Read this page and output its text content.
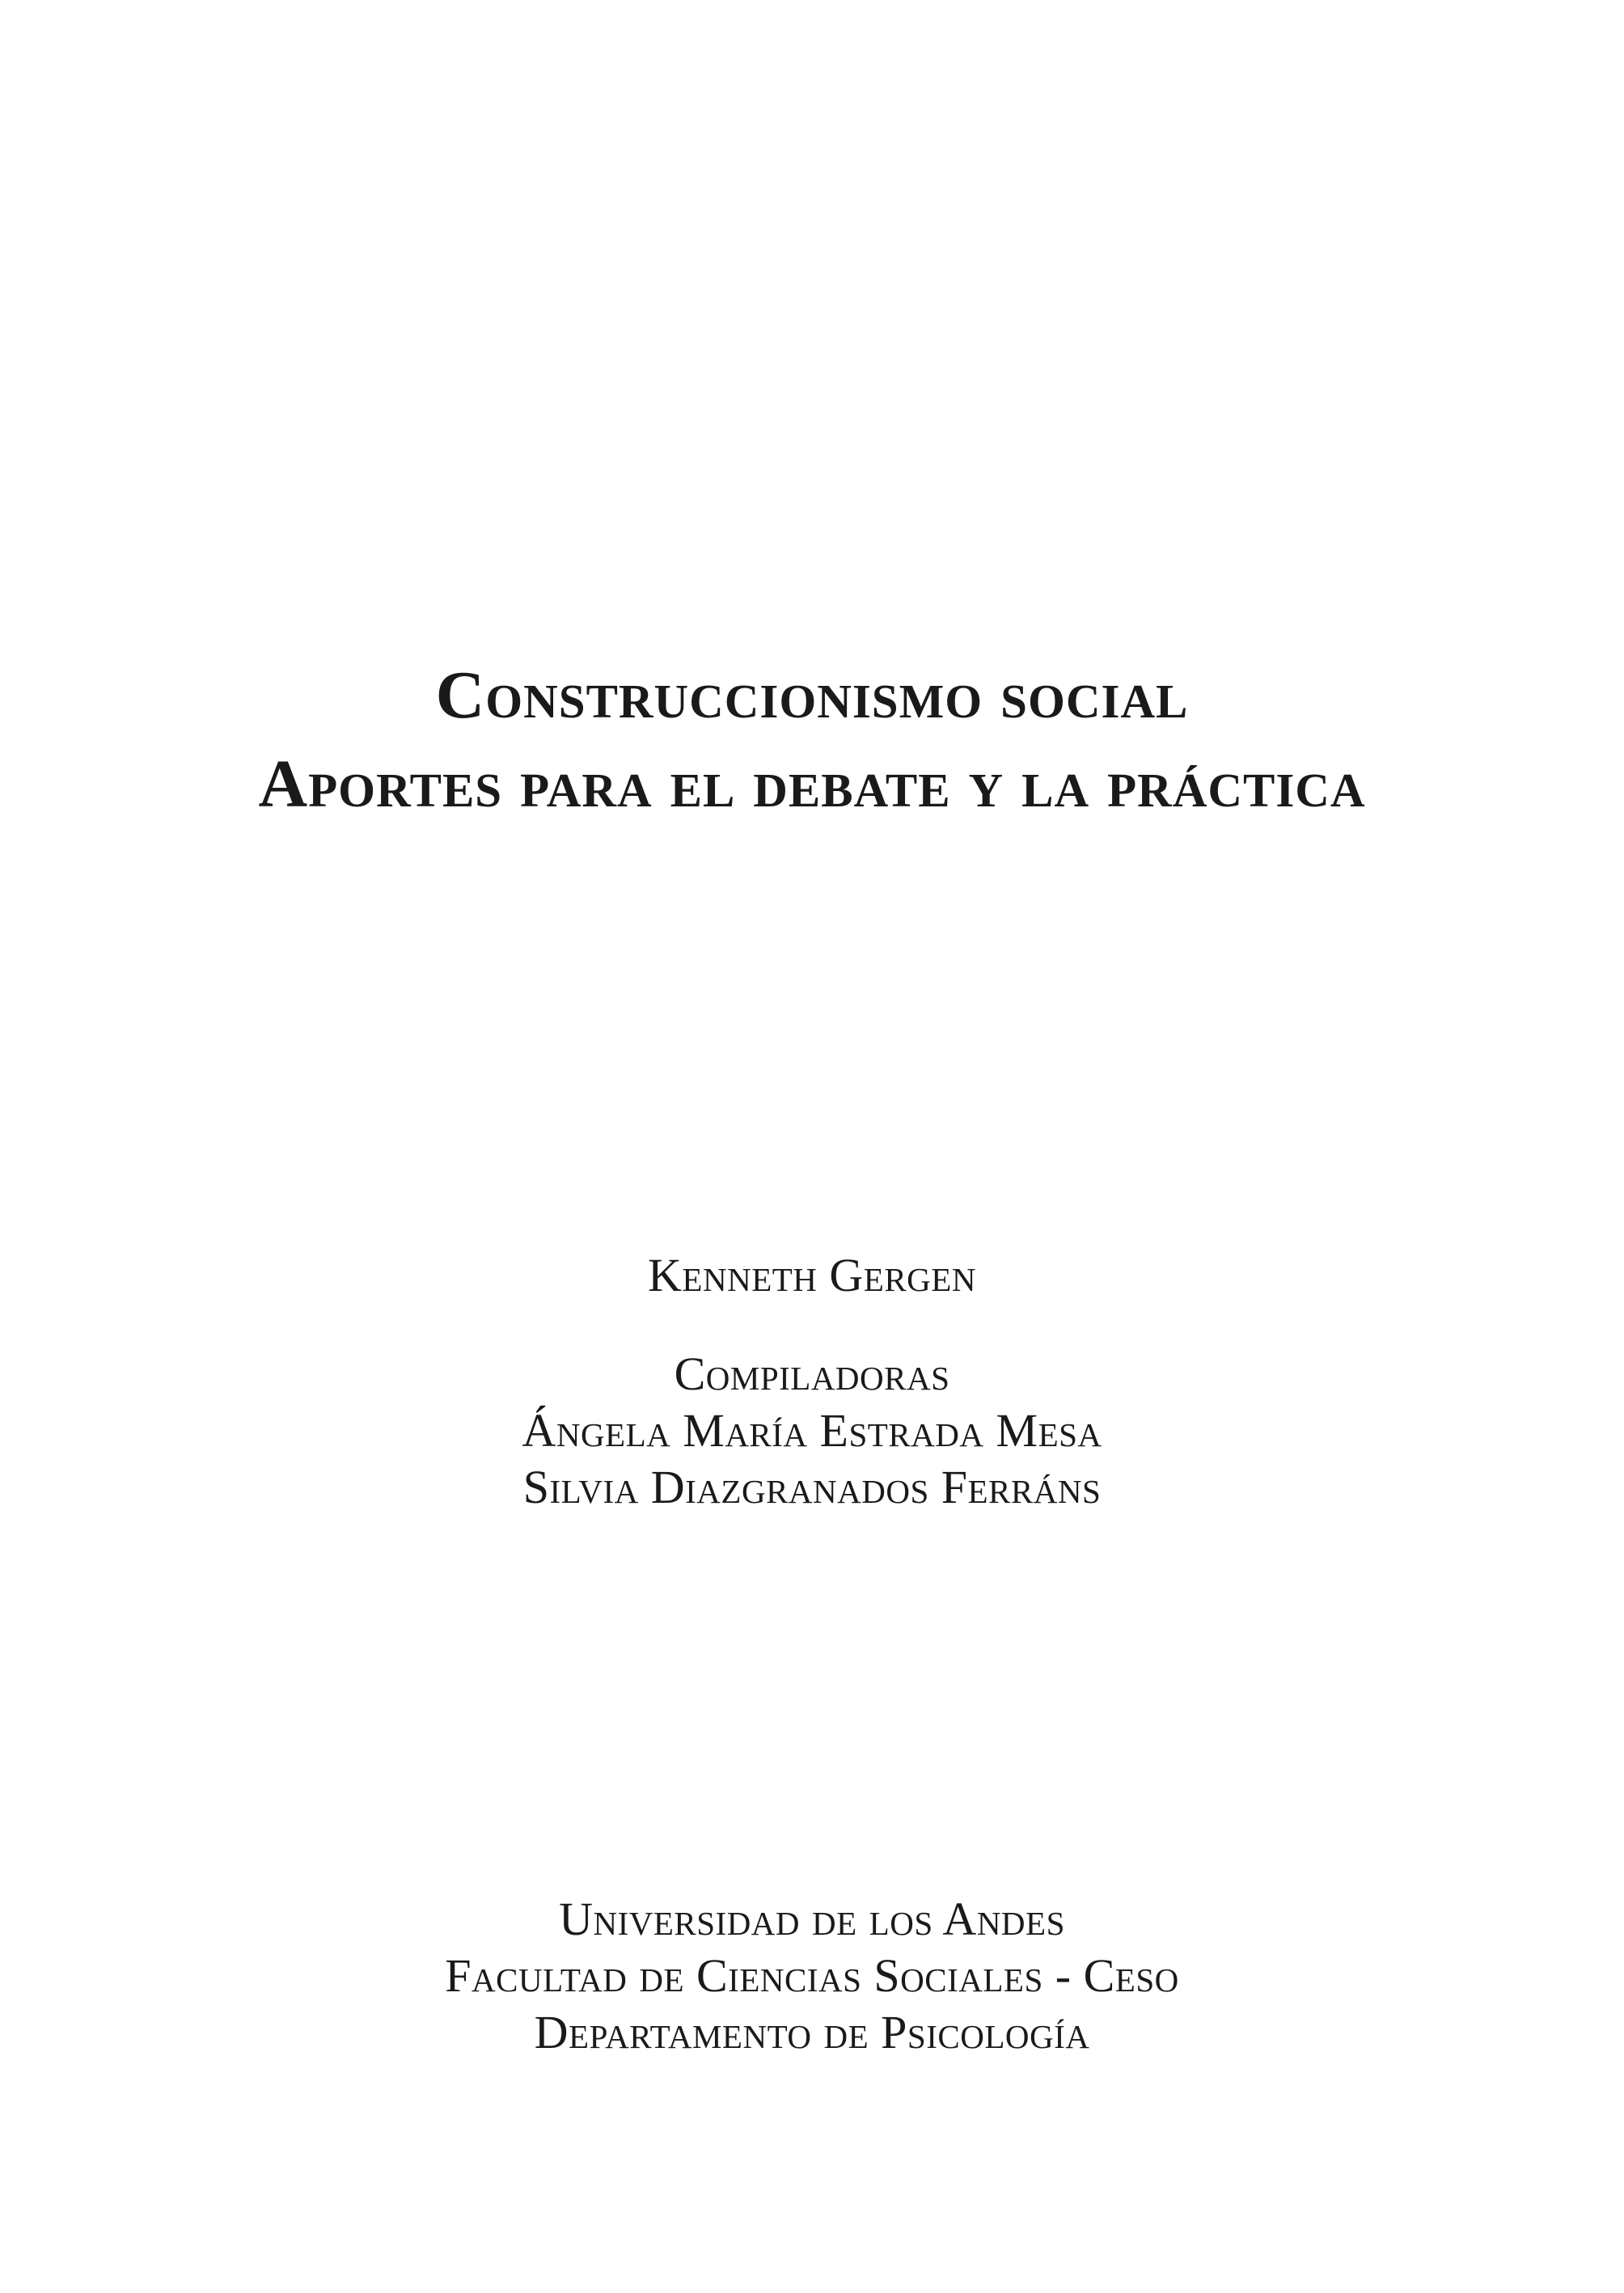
Construccionismo social
Aportes para el debate y la práctica
Kenneth Gergen
Compiladoras
Ángela María Estrada Mesa
Silvia Diazgranados Ferráns
Universidad de los Andes
Facultad de Ciencias Sociales - Ceso
Departamento de Psicología
